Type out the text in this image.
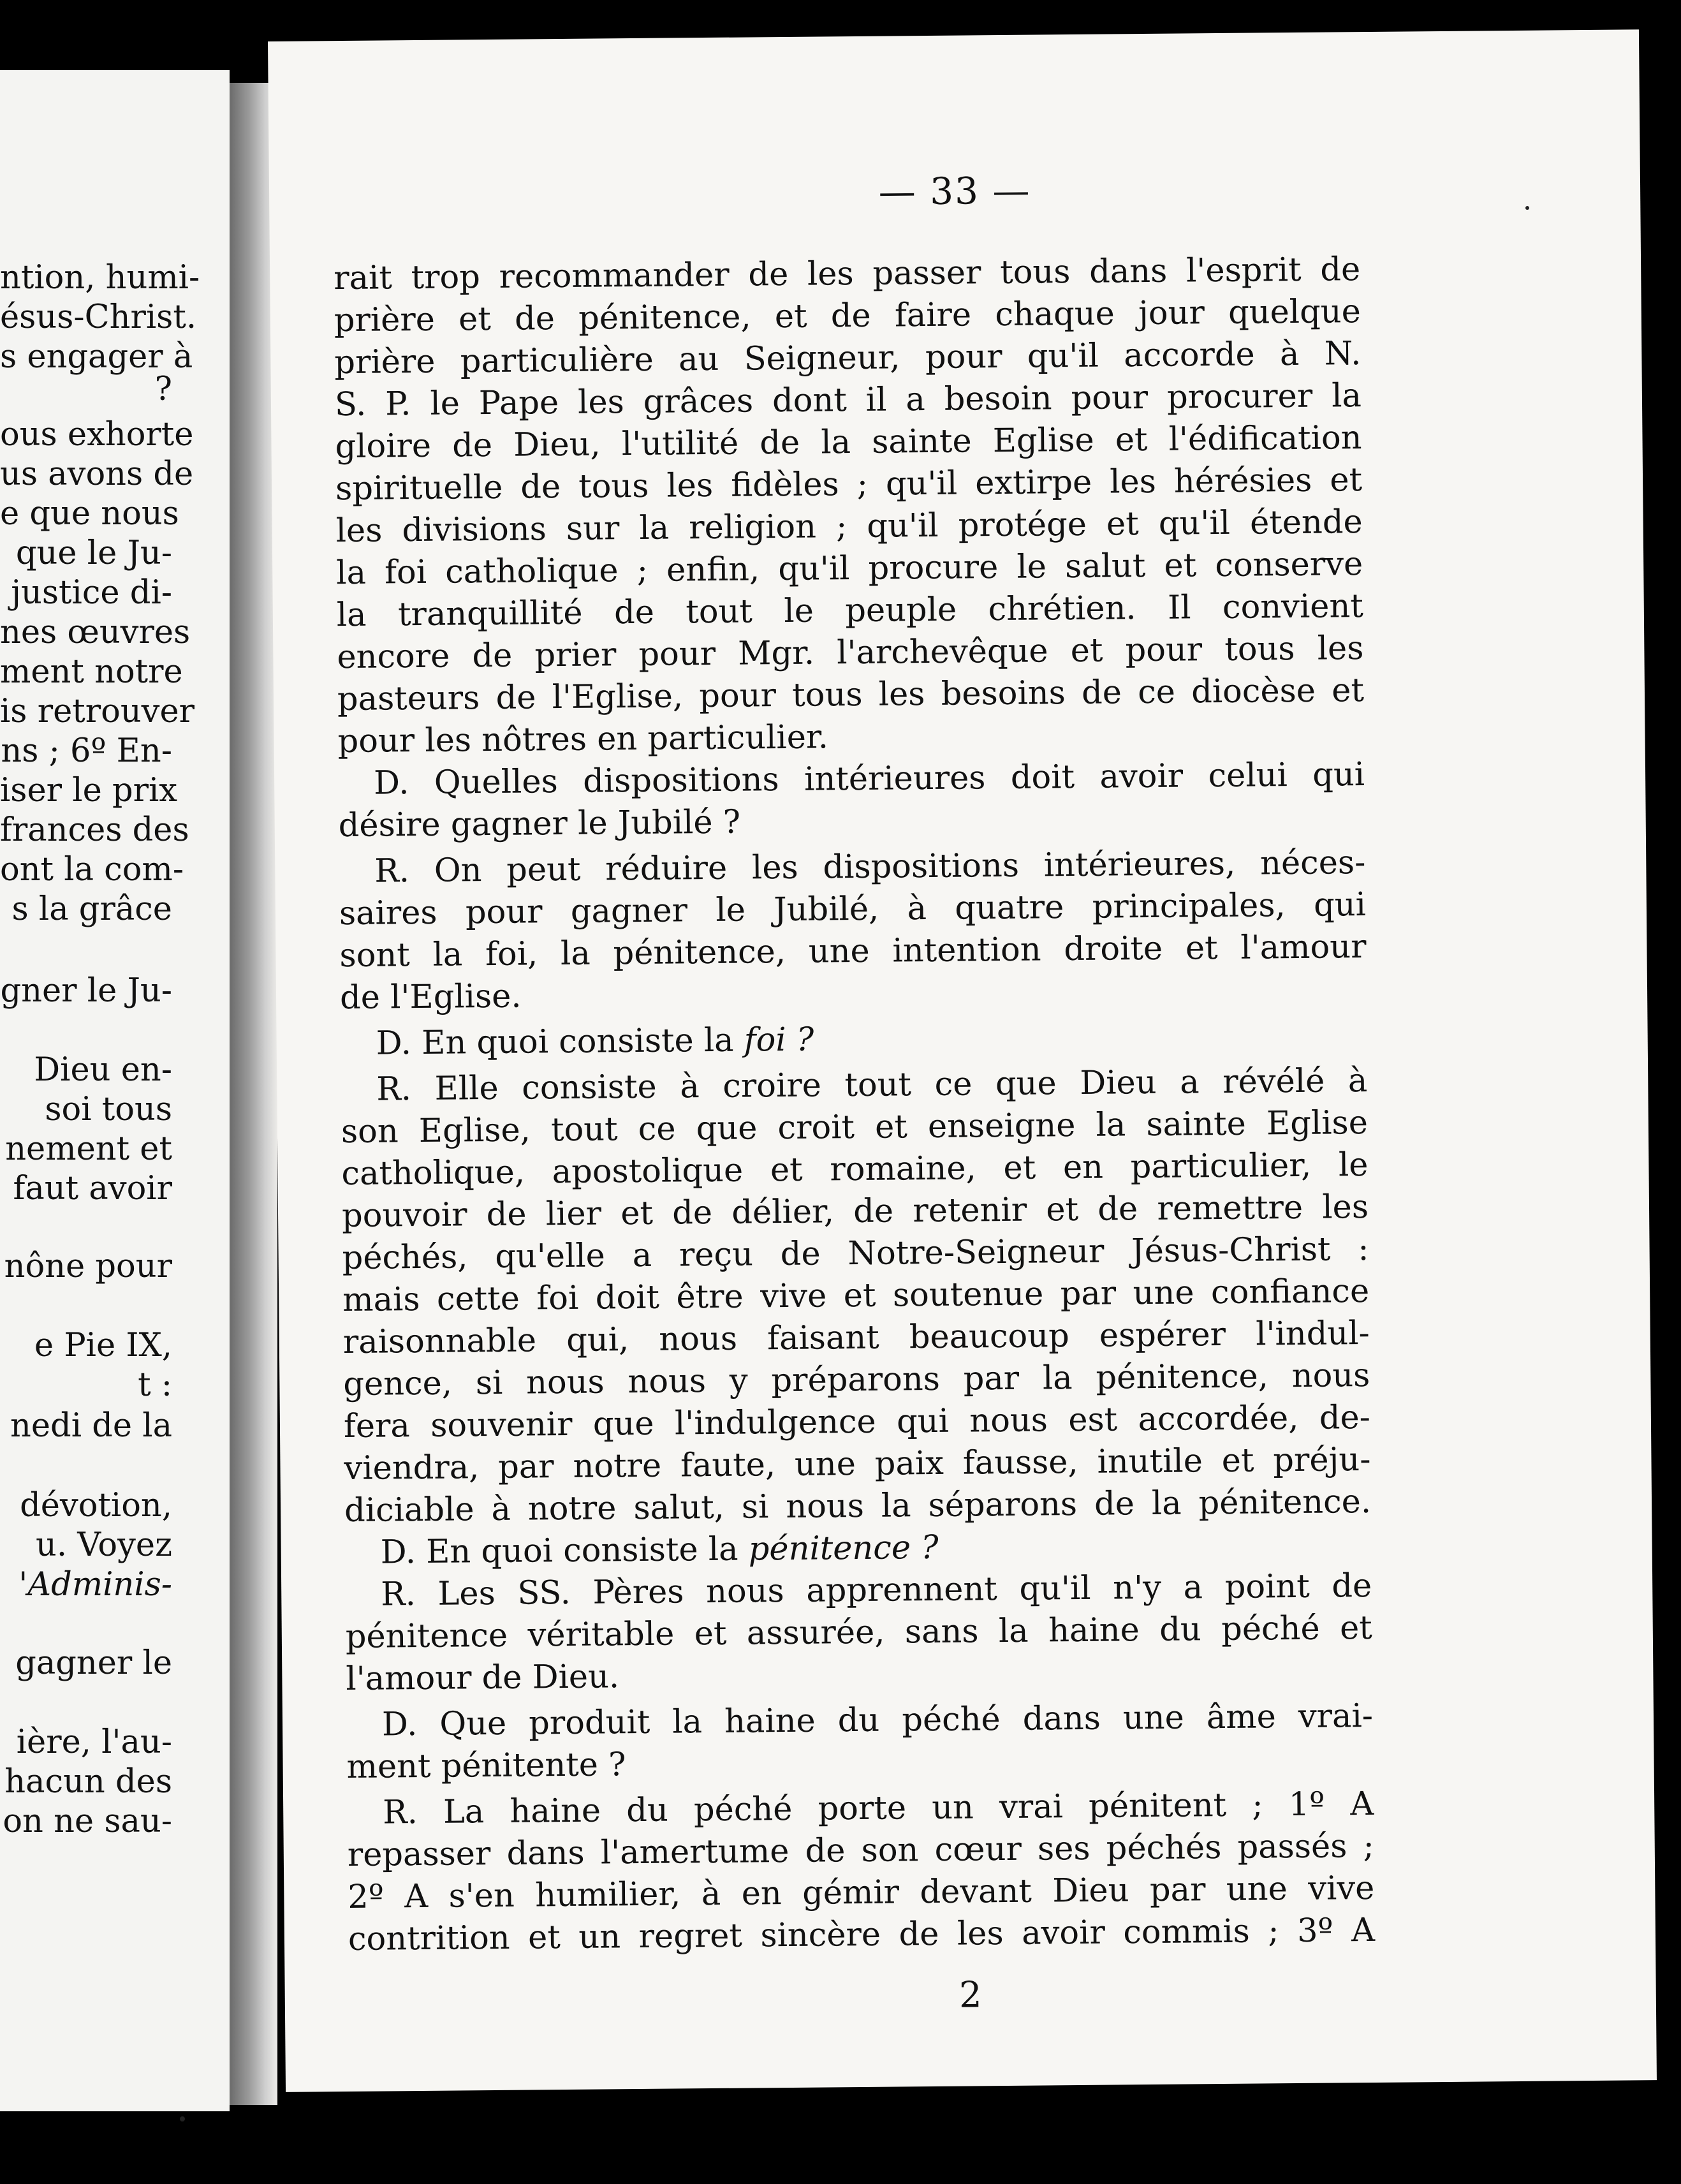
ntion, humi-
ésus-Christ.
s engager à
?
ous exhorte
us avons de
e que nous
que le Ju-
justice di-
nes œuvres
ment notre
is retrouver
ns ; 6º En-
iser le prix
frances des
ont la com-
s la grâce
gner le Ju-
Dieu en-
soi tous
nement et
faut avoir
nône pour
e Pie IX,
t :
nedi de la
dévotion,
u. Voyez
'Adminis-
gagner le
ière, l'au-
hacun des
on ne sau-
— 33 —
rait trop recommander de les passer tous dans l'esprit de
prière et de pénitence, et de faire chaque jour quelque
prière particulière au Seigneur, pour qu'il accorde à N.
S. P. le Pape les grâces dont il a besoin pour procurer la
gloire de Dieu, l'utilité de la sainte Eglise et l'édification
spirituelle de tous les fidèles ; qu'il extirpe les hérésies et
les divisions sur la religion ; qu'il protége et qu'il étende
la foi catholique ; enfin, qu'il procure le salut et conserve
la tranquillité de tout le peuple chrétien. Il convient
encore de prier pour Mgr. l'archevêque et pour tous les
pasteurs de l'Eglise, pour tous les besoins de ce diocèse et
pour les nôtres en particulier.
D. Quelles dispositions intérieures doit avoir celui qui
désire gagner le Jubilé ?
R. On peut réduire les dispositions intérieures, néces-
saires pour gagner le Jubilé, à quatre principales, qui
sont la foi, la pénitence, une intention droite et l'amour
de l'Eglise.
D. En quoi consiste la foi ?
R. Elle consiste à croire tout ce que Dieu a révélé à
son Eglise, tout ce que croit et enseigne la sainte Eglise
catholique, apostolique et romaine, et en particulier, le
pouvoir de lier et de délier, de retenir et de remettre les
péchés, qu'elle a reçu de Notre-Seigneur Jésus-Christ :
mais cette foi doit être vive et soutenue par une confiance
raisonnable qui, nous faisant beaucoup espérer l'indul-
gence, si nous nous y préparons par la pénitence, nous
fera souvenir que l'indulgence qui nous est accordée, de-
viendra, par notre faute, une paix fausse, inutile et préju-
diciable à notre salut, si nous la séparons de la pénitence.
D. En quoi consiste la pénitence ?
R. Les SS. Pères nous apprennent qu'il n'y a point de
pénitence véritable et assurée, sans la haine du péché et
l'amour de Dieu.
D. Que produit la haine du péché dans une âme vrai-
ment pénitente ?
R. La haine du péché porte un vrai pénitent ; 1º A
repasser dans l'amertume de son cœur ses péchés passés ;
2º A s'en humilier, à en gémir devant Dieu par une vive
contrition et un regret sincère de les avoir commis ; 3º A
2
